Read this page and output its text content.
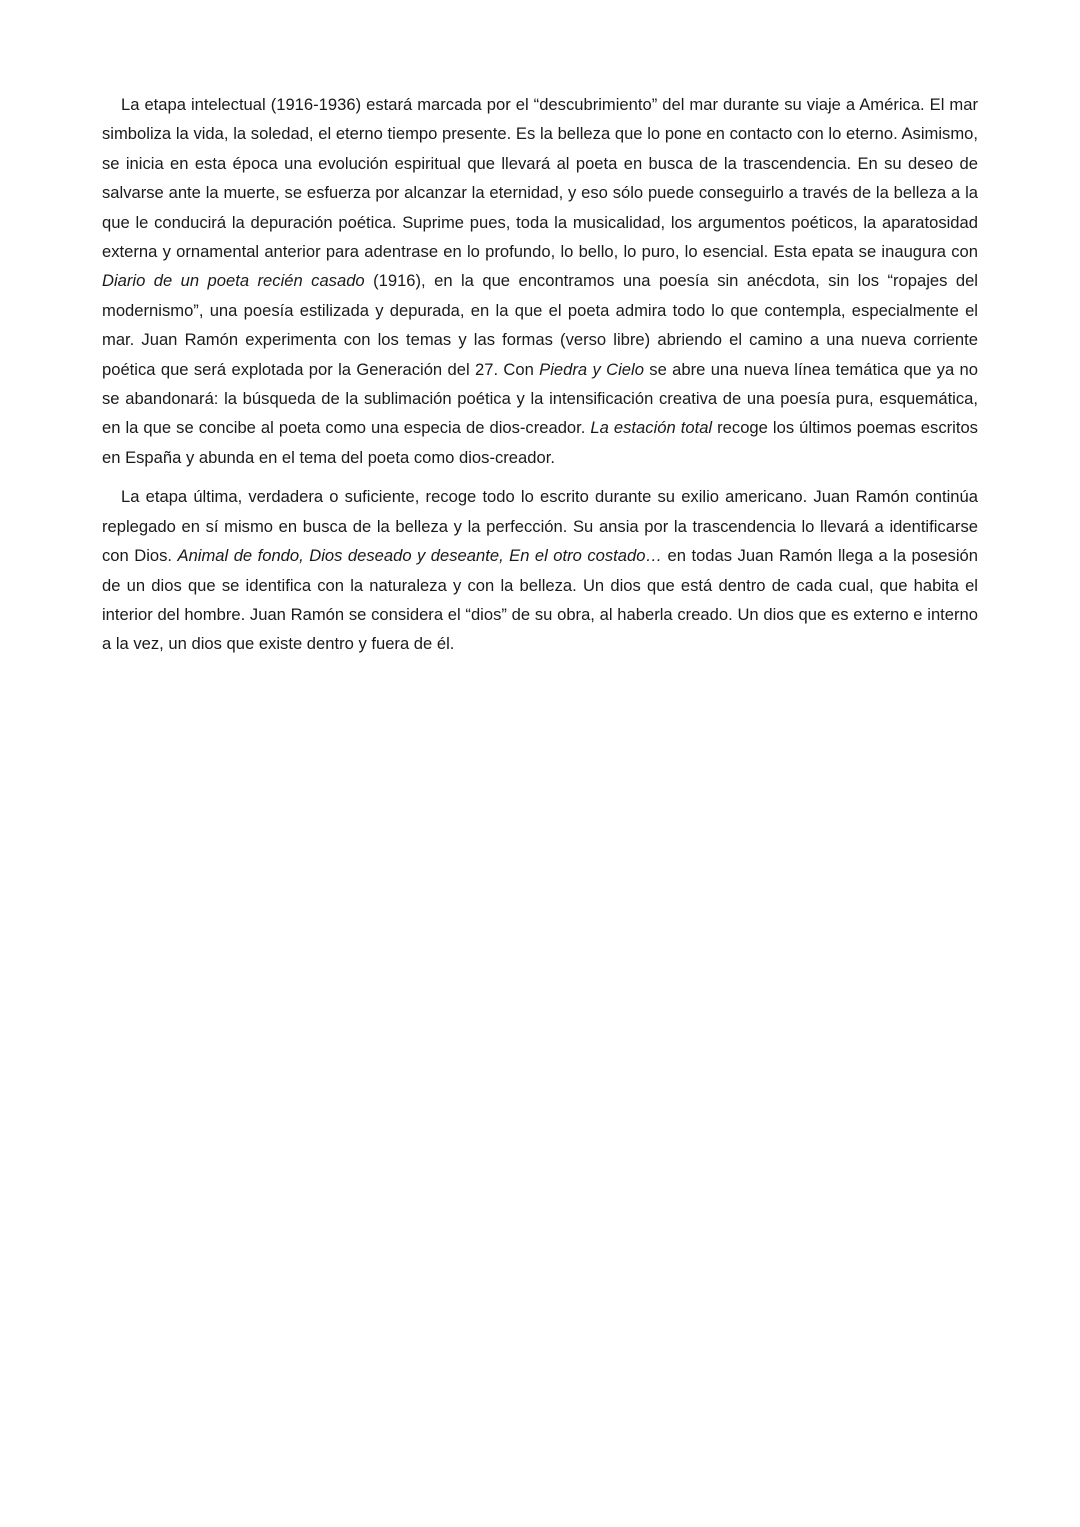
La etapa intelectual (1916-1936) estará marcada por el “descubrimiento” del mar durante su viaje a América. El mar simboliza la vida, la soledad, el eterno tiempo presente. Es la belleza que lo pone en contacto con lo eterno. Asimismo, se inicia en esta época una evolución espiritual que llevará al poeta en busca de la trascendencia. En su deseo de salvarse ante la muerte, se esfuerza por alcanzar la eternidad, y eso sólo puede conseguirlo a través de la belleza a la que le conducirá la depuración poética. Suprime pues, toda la musicalidad, los argumentos poéticos, la aparatosidad externa y ornamental anterior para adentrase en lo profundo, lo bello, lo puro, lo esencial. Esta epata se inaugura con Diario de un poeta recién casado (1916), en la que encontramos una poesía sin anécdota, sin los “ropajes del modernismo”, una poesía estilizada y depurada, en la que el poeta admira todo lo que contempla, especialmente el mar. Juan Ramón experimenta con los temas y las formas (verso libre) abriendo el camino a una nueva corriente poética que será explotada por la Generación del 27. Con Piedra y Cielo se abre una nueva línea temática que ya no se abandonará: la búsqueda de la sublimación poética y la intensificación creativa de una poesía pura, esquemática, en la que se concibe al poeta como una especia de dios-creador. La estación total recoge los últimos poemas escritos en España y abunda en el tema del poeta como dios-creador.

La etapa última, verdadera o suficiente, recoge todo lo escrito durante su exilio americano. Juan Ramón continúa replegado en sí mismo en busca de la belleza y la perfección. Su ansia por la trascendencia lo llevará a identificarse con Dios. Animal de fondo, Dios deseado y deseante, En el otro costado… en todas Juan Ramón llega a la posesión de un dios que se identifica con la naturaleza y con la belleza. Un dios que está dentro de cada cual, que habita el interior del hombre. Juan Ramón se considera el “dios” de su obra, al haberla creado. Un dios que es externo e interno a la vez, un dios que existe dentro y fuera de él.
